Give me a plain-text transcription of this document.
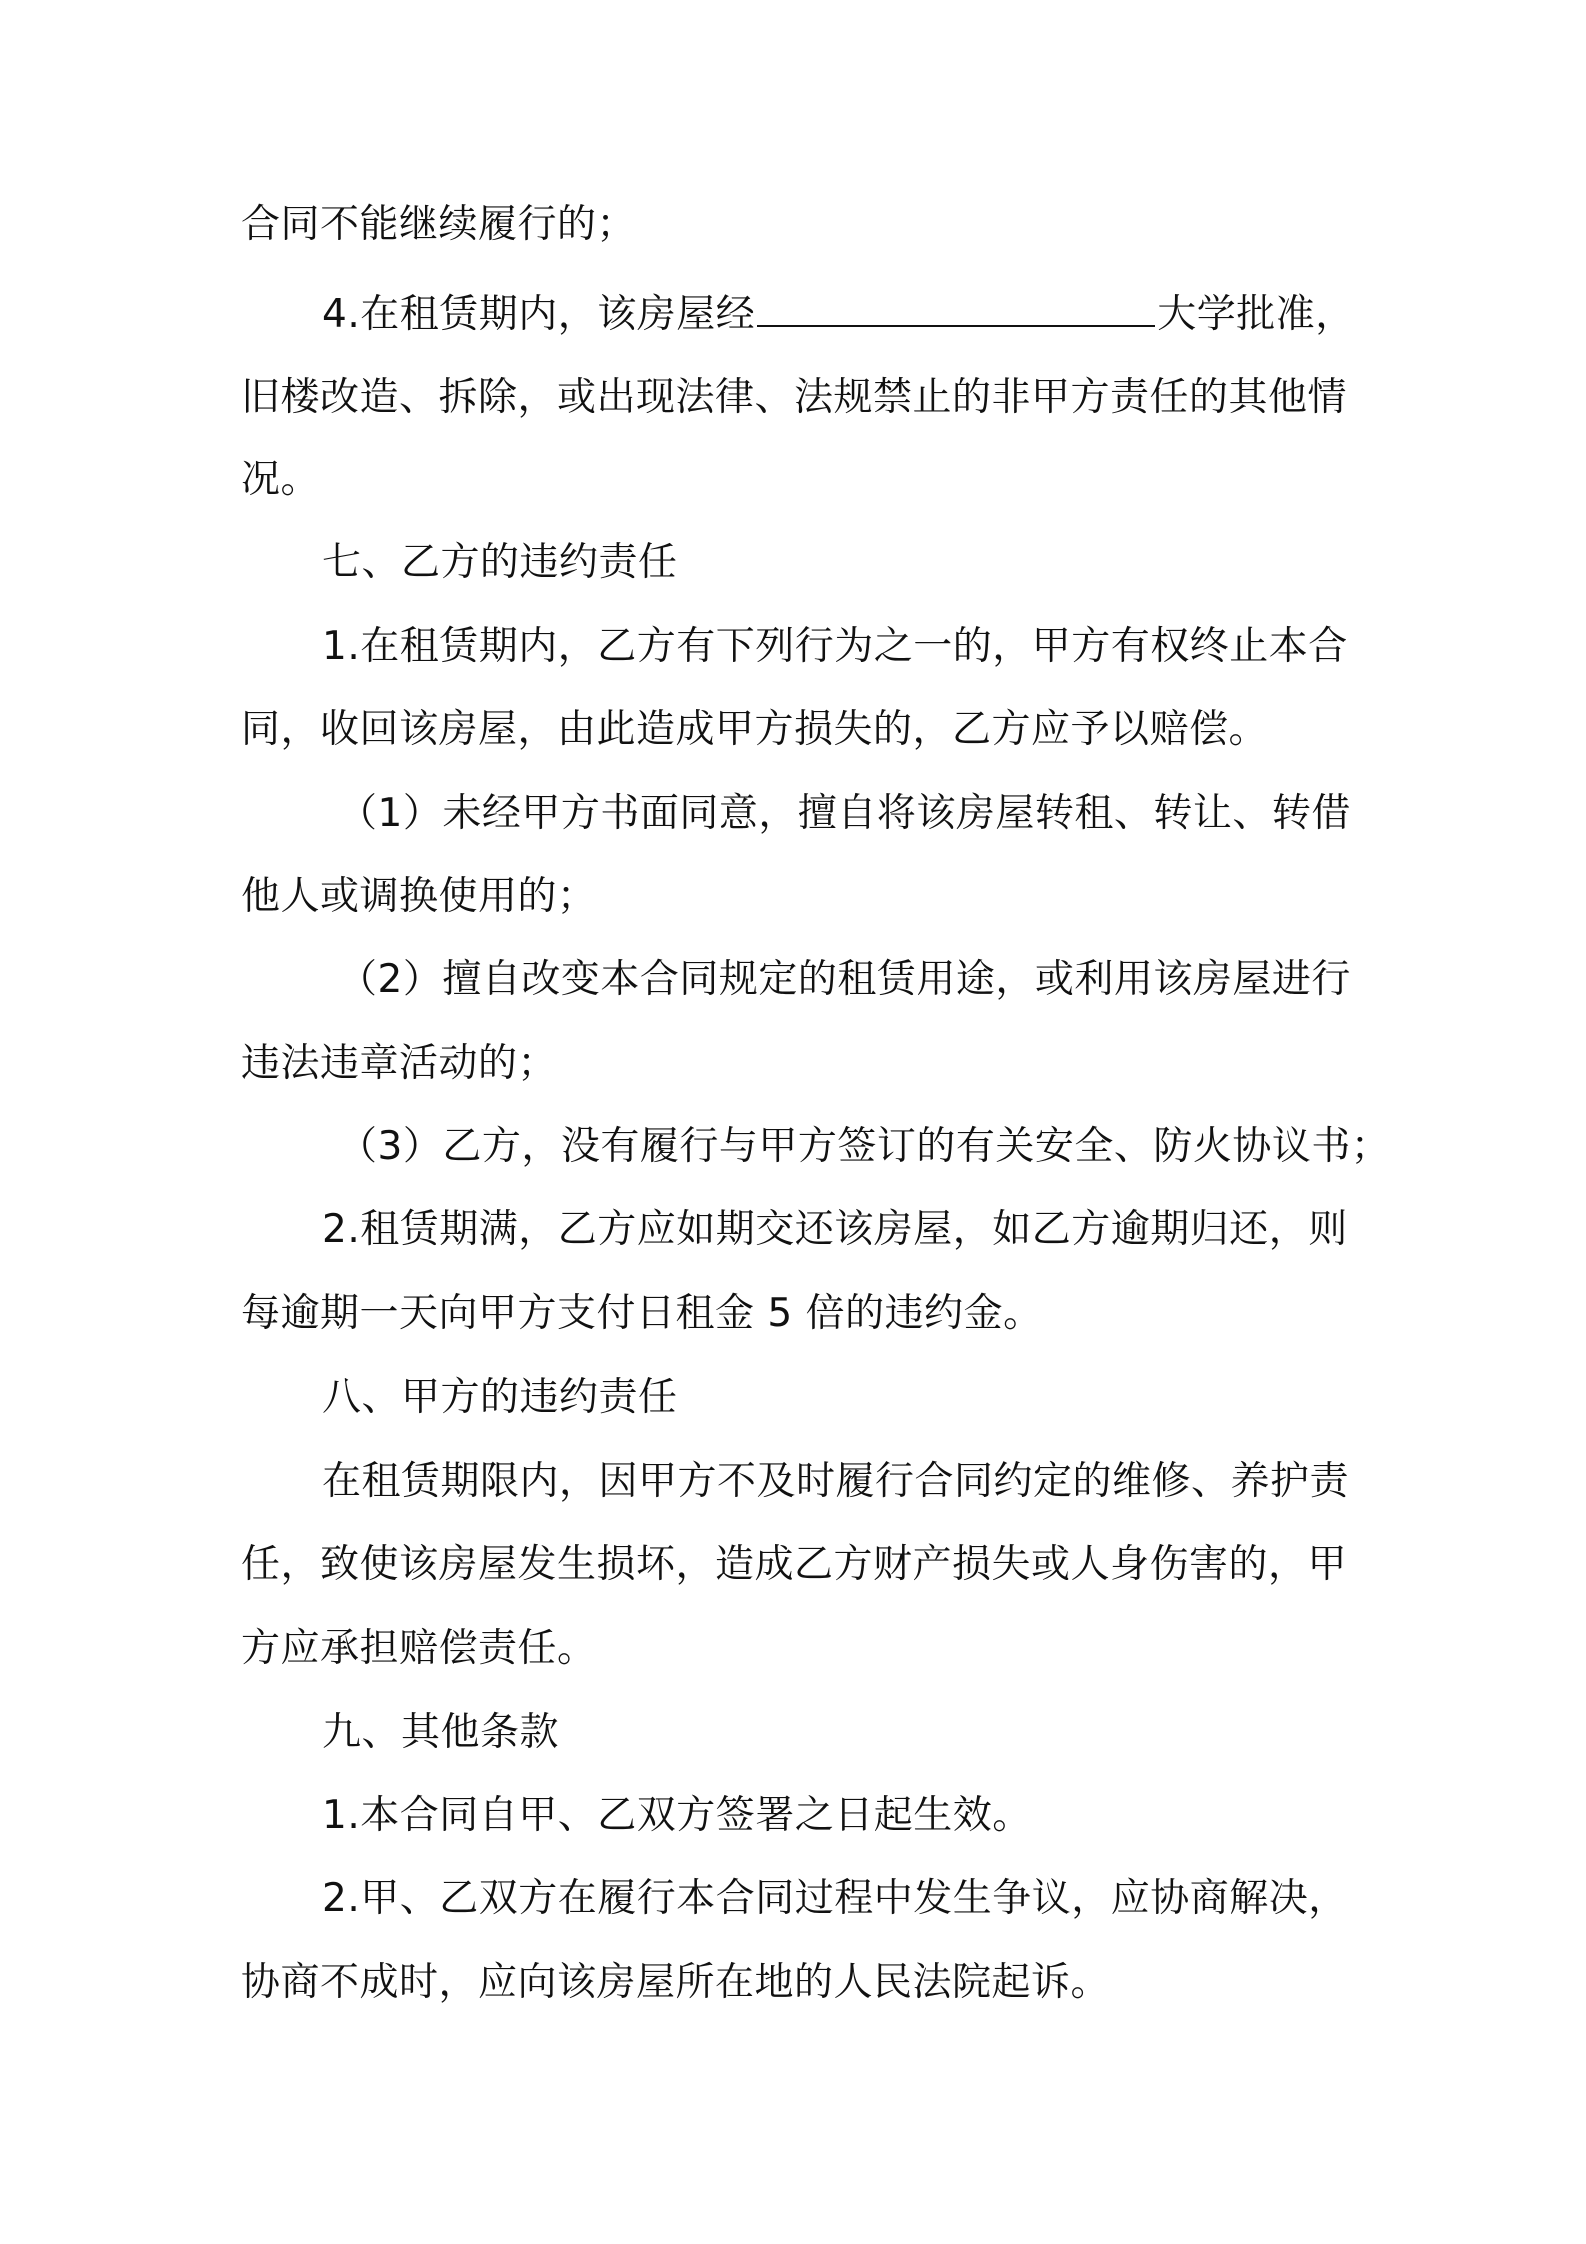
合同不能继续履行的；
4.在租赁期内，该房屋经	大学批准，
旧楼改造、拆除，或出现法律、法规禁止的非甲方责任的其他情
况。
七、乙方的违约责任
1.在租赁期内，乙方有下列行为之一的，甲方有权终止本合
同，收回该房屋，由此造成甲方损失的，乙方应予以赔偿。
（1）未经甲方书面同意，擅自将该房屋转租、转让、转借
他人或调换使用的；
（2）擅自改变本合同规定的租赁用途，或利用该房屋进行
违法违章活动的；
（3）乙方，没有履行与甲方签订的有关安全、防火协议书；
2.租赁期满，乙方应如期交还该房屋，如乙方逾期归还，则
每逾期一天向甲方支付日租金 5 倍的违约金。
八、甲方的违约责任
在租赁期限内，因甲方不及时履行合同约定的维修、养护责
任，致使该房屋发生损坏，造成乙方财产损失或人身伤害的，甲
方应承担赔偿责任。
九、其他条款
1.本合同自甲、乙双方签署之日起生效。
2.甲、乙双方在履行本合同过程中发生争议，应协商解决，
协商不成时，应向该房屋所在地的人民法院起诉。
